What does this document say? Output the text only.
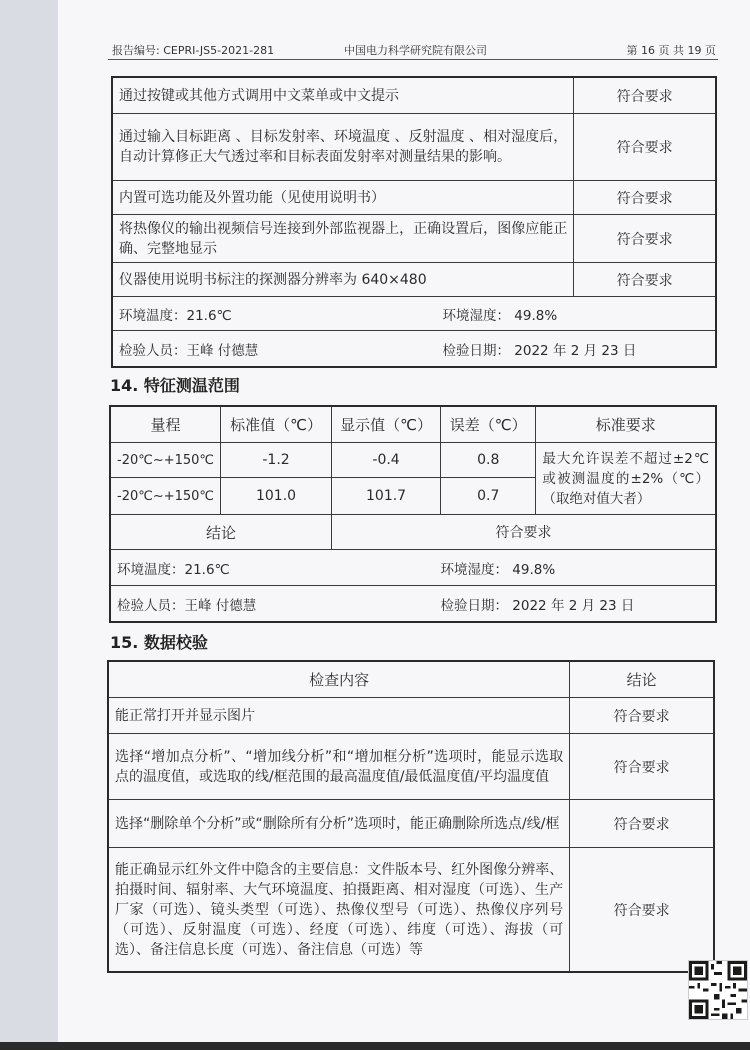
报告编号: CEPRI-JS5-2021-281	中国电力科学研究院有限公司	第 16 页 共 19 页
通过按键或其他方式调用中文菜单或中文提示	符合要求
通过输入目标距离 、目标发射率、环境温度 、反射温度 、相对湿度后，自动计算修正大气透过率和目标表面发射率对测量结果的影响。	符合要求
内置可选功能及外置功能（见使用说明书）	符合要求
将热像仪的输出视频信号连接到外部监视器上，正确设置后，图像应能正确、完整地显示	符合要求
仪器使用说明书标注的探测器分辨率为 640×480	符合要求
环境温度：21.6℃ 环境湿度： 49.8%	

检验人员：王峰 付德慧 检验日期： 2022 年 2 月 23 日	
14. 特征测温范围
量程	标准值（℃）	显示值（℃）	误差（℃）	标准要求
-20℃~+150℃	-1.2	-0.4	0.8	最大允许误差不超过±2℃或被测温度的±2%（℃）（取绝对值大者）
-20℃~+150℃	101.0	101.7	0.7	
结论		符合要求		
环境温度：21.6℃ 环境湿度： 49.8%				

检验人员：王峰 付德慧 检验日期： 2022 年 2 月 23 日				
15. 数据校验
检查内容	结论
能正常打开并显示图片	符合要求
选择“增加点分析”、“增加线分析”和“增加框分析”选项时，能显示选取点的温度值，或选取的线/框范围的最高温度值/最低温度值/平均温度值	符合要求
选择“删除单个分析”或“删除所有分析”选项时，能正确删除所选点/线/框	符合要求
能正确显示红外文件中隐含的主要信息：文件版本号、红外图像分辨率、拍摄时间、辐射率、大气环境温度、拍摄距离、相对湿度（可选）、生产厂家（可选）、镜头类型（可选）、热像仪型号（可选）、热像仪序列号（可选）、反射温度（可选）、经度（可选）、纬度（可选）、海拔（可选）、备注信息长度（可选）、备注信息（可选）等	符合要求
